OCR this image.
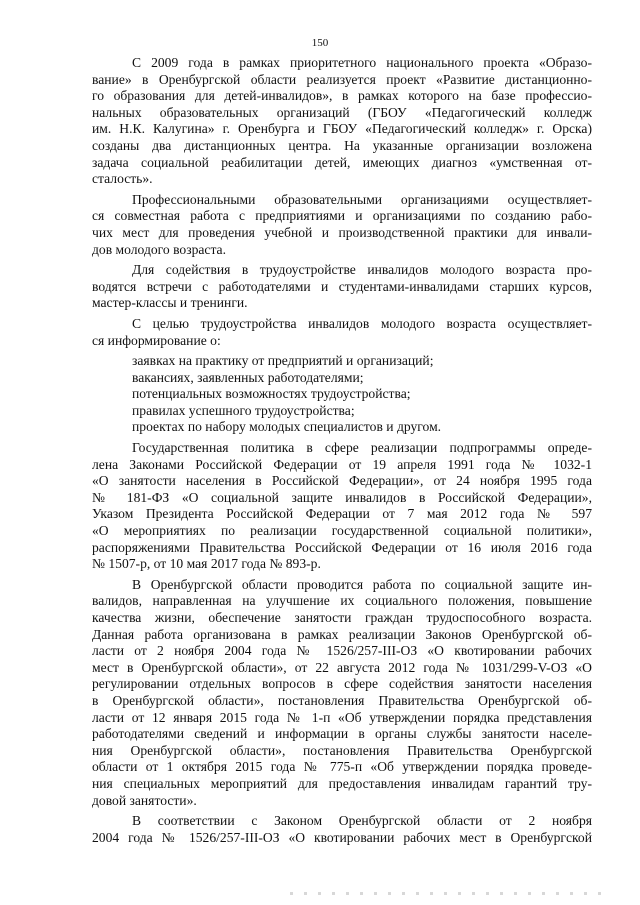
150
С 2009 года в рамках приоритетного национального проекта «Образо-
вание» в Оренбургской области реализуется проект «Развитие дистанционно-
го образования для детей-инвалидов», в рамках которого на базе профессио-
нальных образовательных организаций (ГБОУ «Педагогический колледж
им. Н.К. Калугина» г. Оренбурга и ГБОУ «Педагогический колледж» г. Орска)
созданы два дистанционных центра. На указанные организации возложена
задача социальной реабилитации детей, имеющих диагноз «умственная от-
сталость».
Профессиональными образовательными организациями осуществляет-
ся совместная работа с предприятиями и организациями по созданию рабо-
чих мест для проведения учебной и производственной практики для инвали-
дов молодого возраста.
Для содействия в трудоустройстве инвалидов молодого возраста про-
водятся встречи с работодателями и студентами-инвалидами старших курсов,
мастер-классы и тренинги.
С целью трудоустройства инвалидов молодого возраста осуществляет-
ся информирование о:
заявках на практику от предприятий и организаций;
вакансиях, заявленных работодателями;
потенциальных возможностях трудоустройства;
правилах успешного трудоустройства;
проектах по набору молодых специалистов и другом.
Государственная политика в сфере реализации подпрограммы опреде-
лена Законами Российской Федерации от 19 апреля 1991 года № 1032-1
«О занятости населения в Российской Федерации», от 24 ноября 1995 года
№ 181-ФЗ «О социальной защите инвалидов в Российской Федерации»,
Указом Президента Российской Федерации от 7 мая 2012 года № 597
«О мероприятиях по реализации государственной социальной политики»,
распоряжениями Правительства Российской Федерации от 16 июля 2016 года
№ 1507-р, от 10 мая 2017 года № 893-р.
В Оренбургской области проводится работа по социальной защите ин-
валидов, направленная на улучшение их социального положения, повышение
качества жизни, обеспечение занятости граждан трудоспособного возраста.
Данная работа организована в рамках реализации Законов Оренбургской об-
ласти от 2 ноября 2004 года № 1526/257-III-ОЗ «О квотировании рабочих
мест в Оренбургской области», от 22 августа 2012 года № 1031/299-V-ОЗ «О
регулировании отдельных вопросов в сфере содействия занятости населения
в Оренбургской области», постановления Правительства Оренбургской об-
ласти от 12 января 2015 года № 1-п «Об утверждении порядка представления
работодателями сведений и информации в органы службы занятости населе-
ния Оренбургской области», постановления Правительства Оренбургской
области от 1 октября 2015 года № 775-п «Об утверждении порядка проведе-
ния специальных мероприятий для предоставления инвалидам гарантий тру-
довой занятости».
В соответствии с Законом Оренбургской области от 2 ноября
2004 года № 1526/257-III-ОЗ «О квотировании рабочих мест в Оренбургской
